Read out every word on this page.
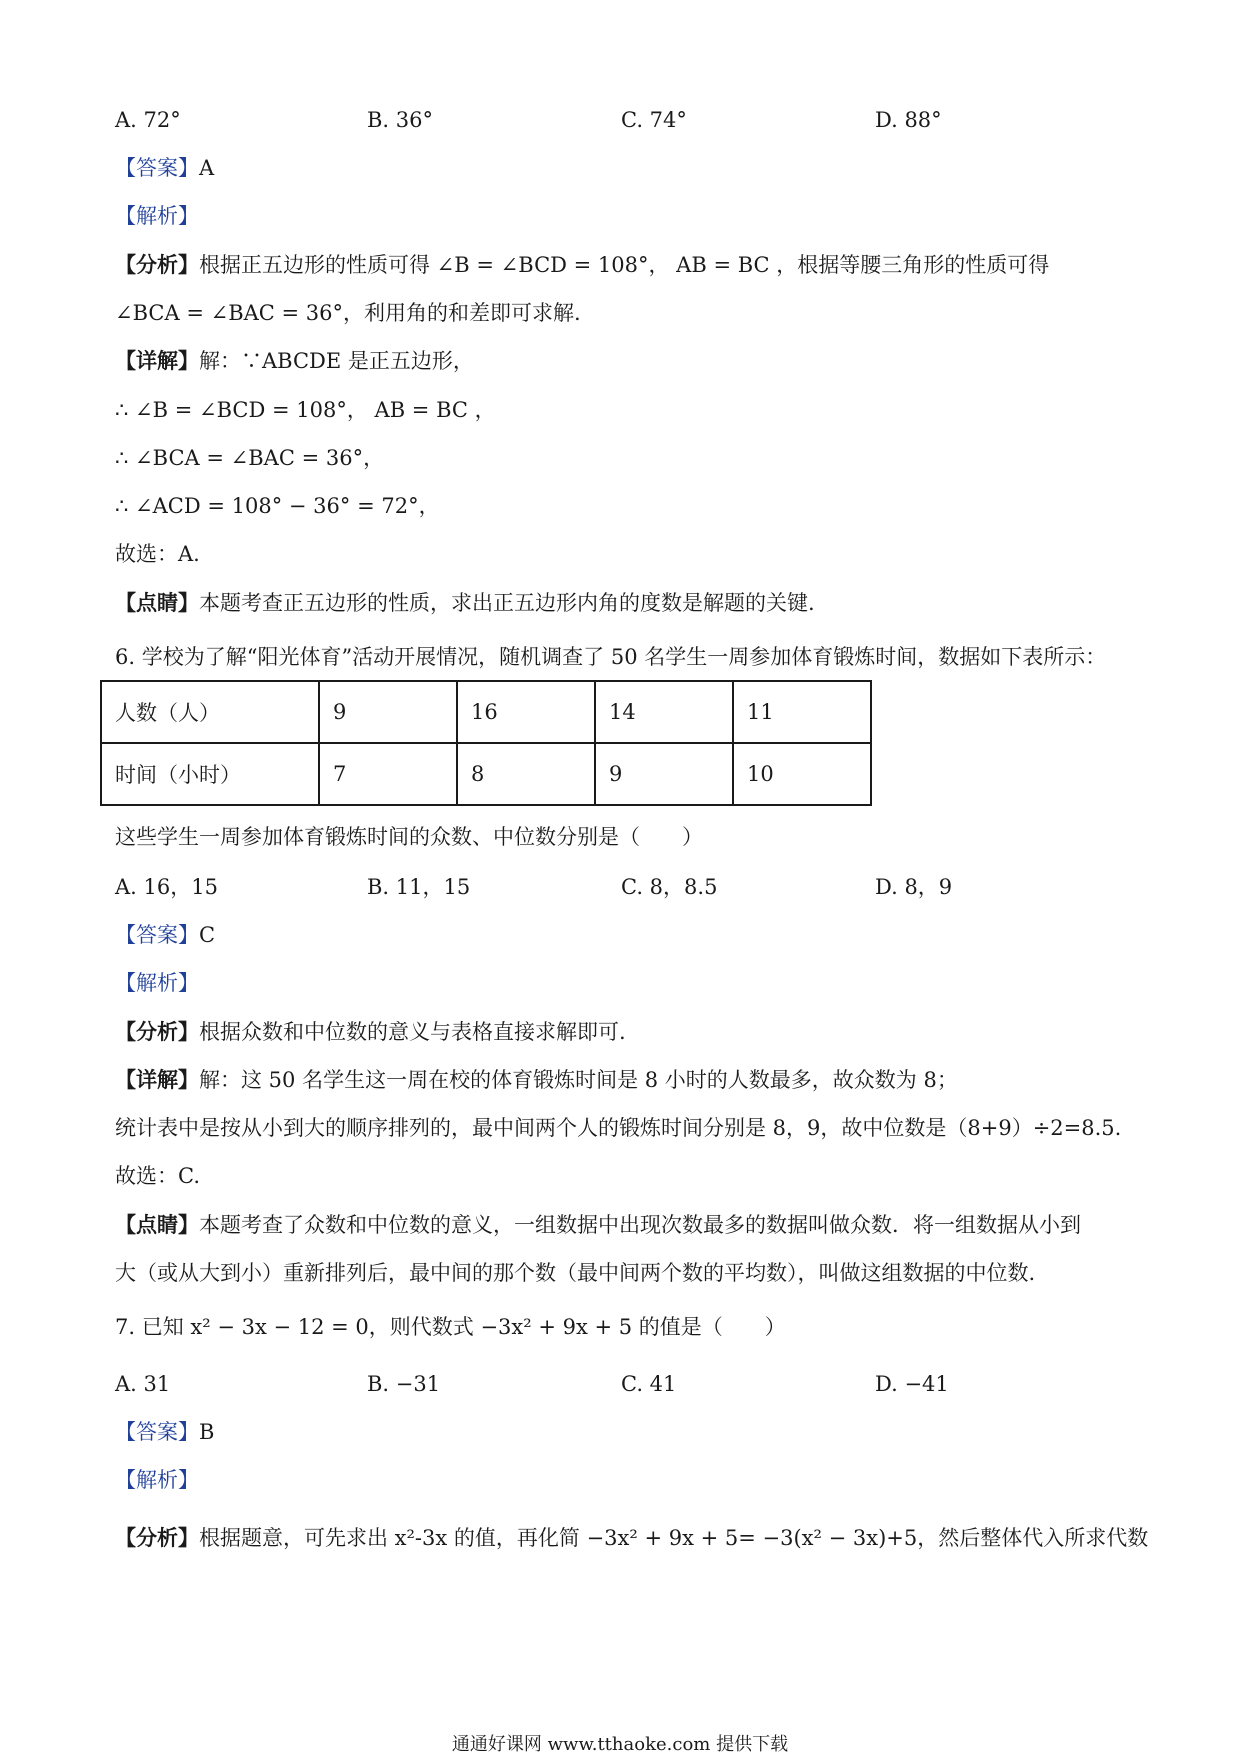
A. 72°	B. 36°	C. 74°	D. 88°
【答案】A
【解析】
【分析】根据正五边形的性质可得 ∠B = ∠BCD = 108°， AB = BC ，根据等腰三角形的性质可得
∠BCA = ∠BAC = 36°，利用角的和差即可求解.
【详解】解：∵ABCDE 是正五边形，
∴ ∠B = ∠BCD = 108°， AB = BC ，
∴ ∠BCA = ∠BAC = 36°，
∴ ∠ACD = 108° − 36° = 72°，
故选：A.
【点睛】本题考查正五边形的性质，求出正五边形内角的度数是解题的关键.
6. 学校为了解“阳光体育”活动开展情况，随机调查了 50 名学生一周参加体育锻炼时间，数据如下表所示：
人数（人）	9	16	14	11
时间（小时）	7	8	9	10
这些学生一周参加体育锻炼时间的众数、中位数分别是（　　）
A. 16，15	B. 11，15	C. 8，8.5	D. 8，9
【答案】C
【解析】
【分析】根据众数和中位数的意义与表格直接求解即可.
【详解】解：这 50 名学生这一周在校的体育锻炼时间是 8 小时的人数最多，故众数为 8；
统计表中是按从小到大的顺序排列的，最中间两个人的锻炼时间分别是 8，9，故中位数是（8+9）÷2=8.5.
故选：C.
【点睛】本题考查了众数和中位数的意义，一组数据中出现次数最多的数据叫做众数．将一组数据从小到
大（或从大到小）重新排列后，最中间的那个数（最中间两个数的平均数），叫做这组数据的中位数.
7. 已知 x² − 3x − 12 = 0，则代数式 −3x² + 9x + 5 的值是（　　）
A. 31	B. −31	C. 41	D. −41
【答案】B
【解析】
【分析】根据题意，可先求出 x²-3x 的值，再化简 −3x² + 9x + 5= −3(x² − 3x)+5，然后整体代入所求代数
通通好课网 www.tthaoke.com 提供下载
